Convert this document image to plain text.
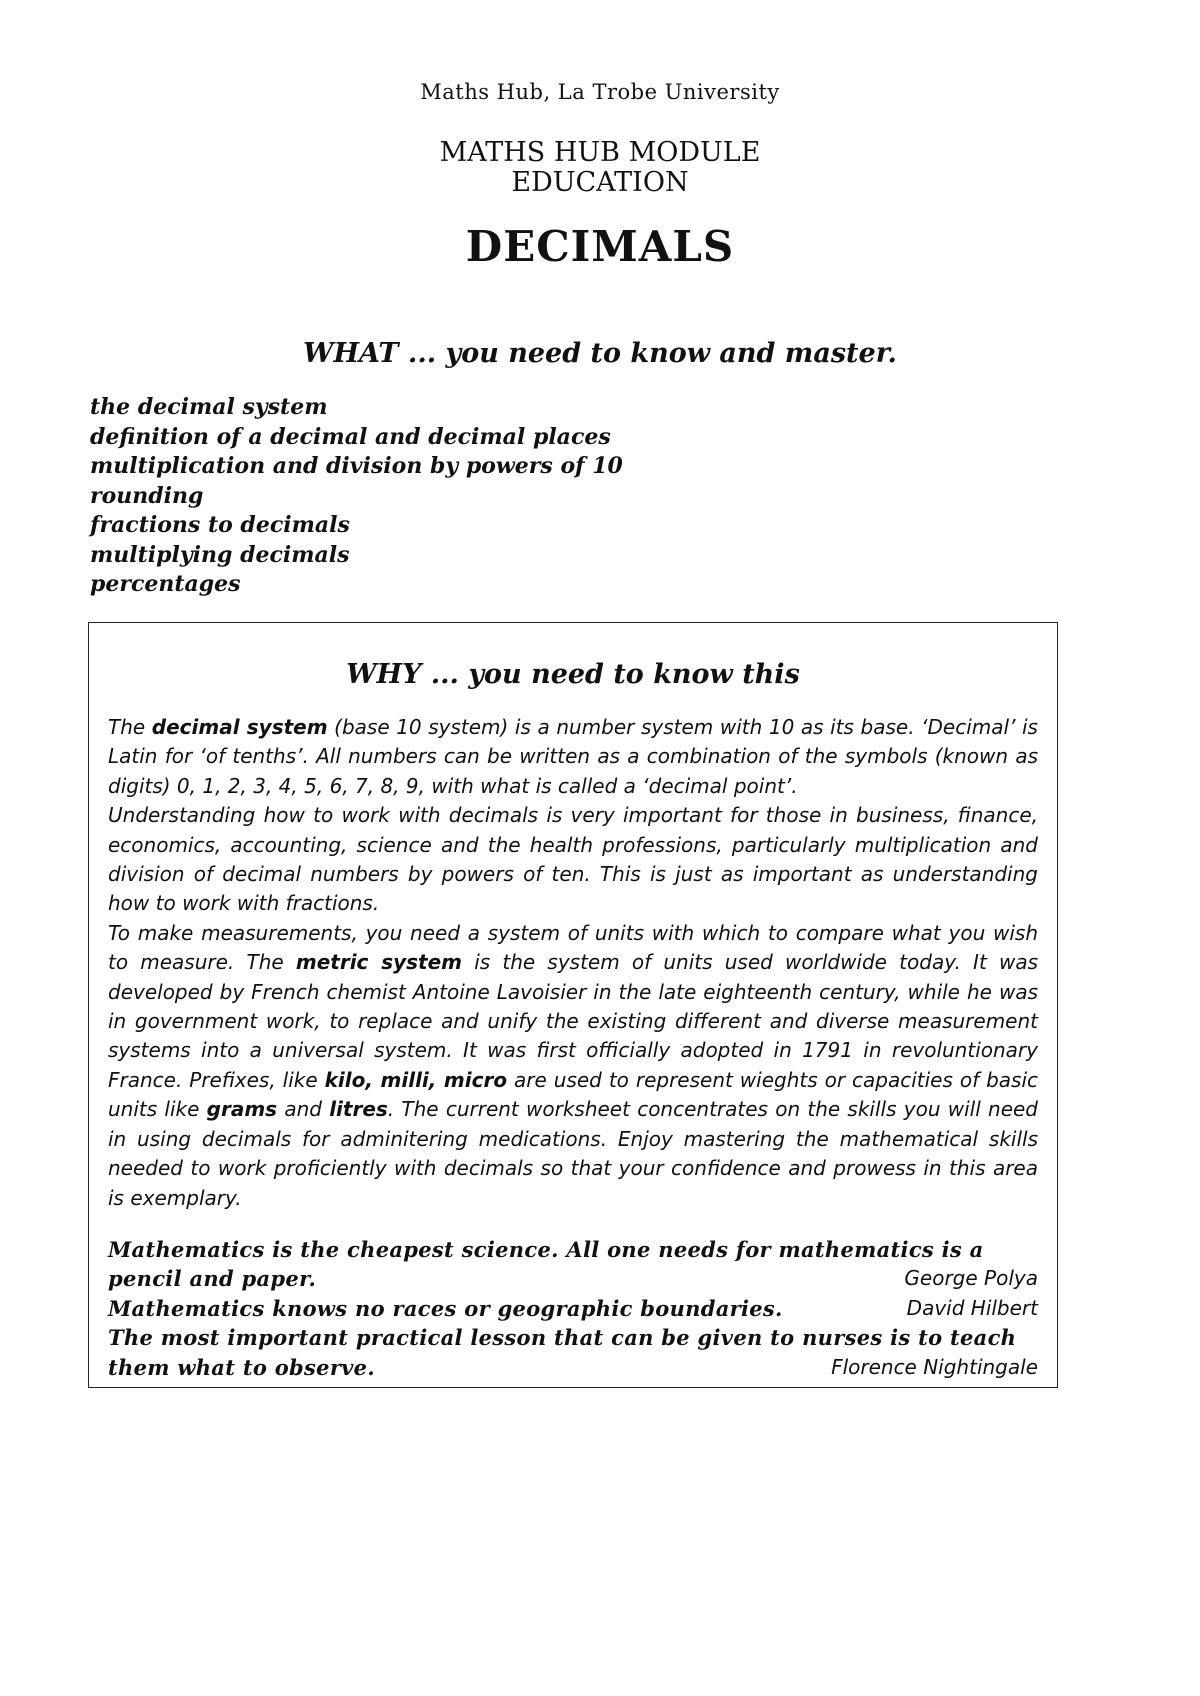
Maths Hub, La Trobe University
MATHS HUB MODULE
EDUCATION
DECIMALS
WHAT ... you need to know and master.
the decimal system
definition of a decimal and decimal places
multiplication and division by powers of 10
rounding
fractions to decimals
multiplying decimals
percentages
WHY ... you need to know this

The decimal system (base 10 system) is a number system with 10 as its base. ‘Decimal’ is Latin for ‘of tenths’. All numbers can be written as a combination of the symbols (known as digits) 0, 1, 2, 3, 4, 5, 6, 7, 8, 9, with what is called a ‘decimal point’.

Understanding how to work with decimals is very important for those in business, finance, economics, accounting, science and the health professions, particularly multiplication and division of decimal numbers by powers of ten. This is just as important as understanding how to work with fractions.

To make measurements, you need a system of units with which to compare what you wish to measure. The metric system is the system of units used worldwide today. It was developed by French chemist Antoine Lavoisier in the late eighteenth century, while he was in government work, to replace and unify the existing different and diverse measurement systems into a universal system. It was first officially adopted in 1791 in revoluntionary France. Prefixes, like kilo, milli, micro are used to represent wieghts or capacities of basic units like grams and litres. The current worksheet concentrates on the skills you will need in using decimals for adminitering medications. Enjoy mastering the mathematical skills needed to work proficiently with decimals so that your confidence and prowess in this area is exemplary.

Mathematics is the cheapest science. All one needs for mathematics is a pencil and paper.	George Polya
Mathematics knows no races or geographic boundaries.	David Hilbert
The most important practical lesson that can be given to nurses is to teach them what to observe.	Florence Nightingale
